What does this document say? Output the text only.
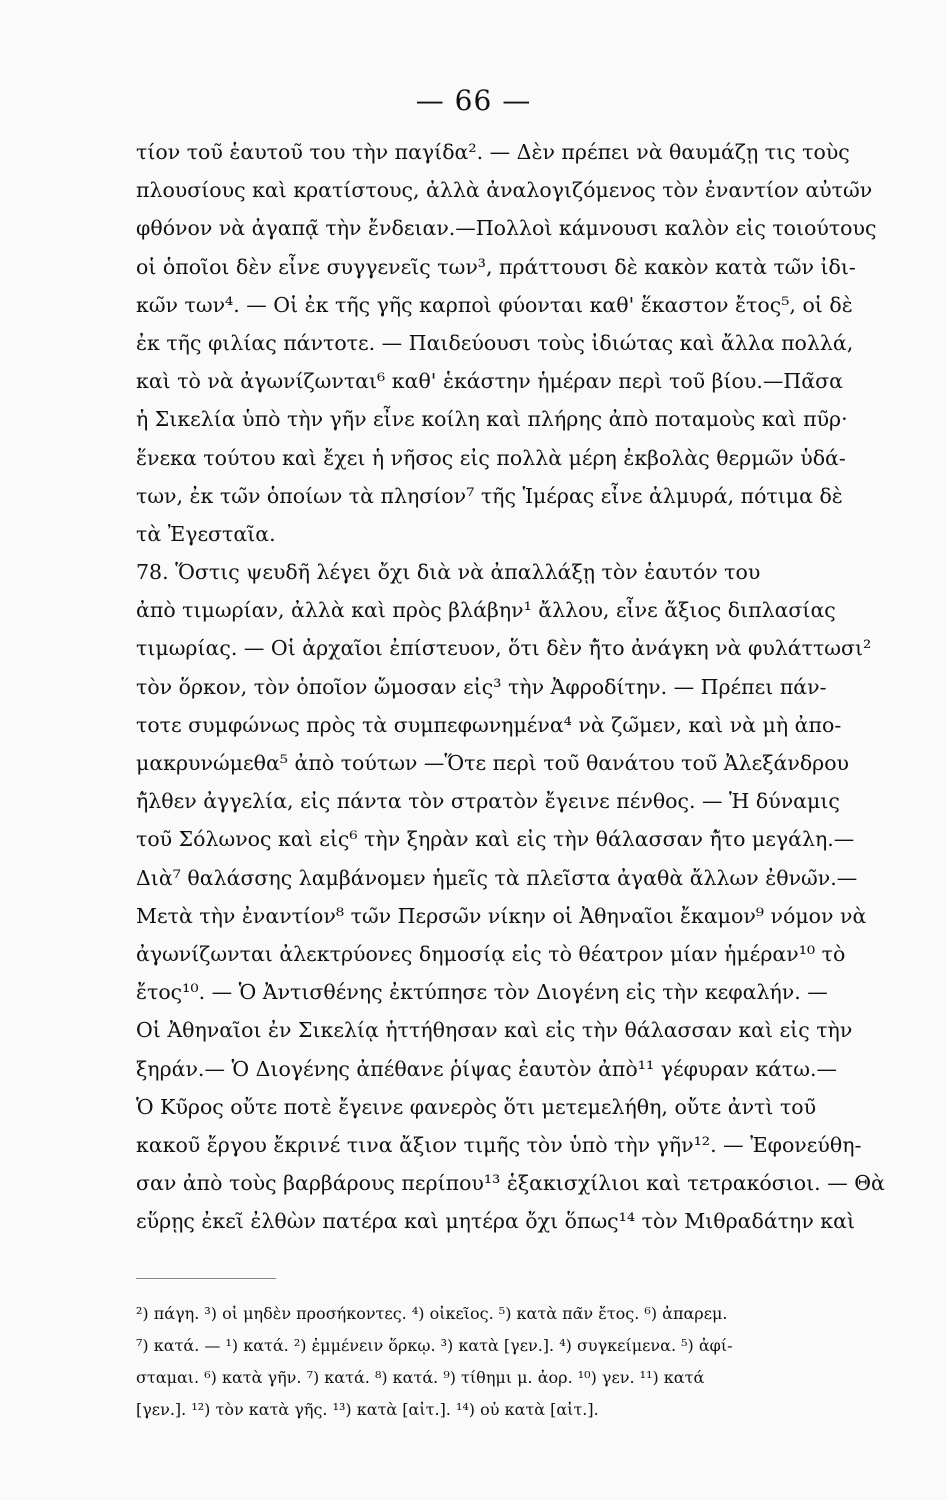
— 66 —
τίον του̃ ἑαυτου̃ του τὴν παγίδα². — Δὲν πρέπει νὰ θαυμάζῃ τις τοὺς
πλουσίους καὶ κρατίστους, ἀλλὰ ἀναλογιζόμενος τὸν ἐναντίον αὐτω̃ν
φθόνον νὰ ἀγαπᾳ̃ τὴν ἔνδειαν.—Πολλοὶ κάμνουσι καλὸν εἰς τοιούτους
οἱ ὁποι̃οι δὲν εἶνε συγγενει̃ς των³, πράττουσι δὲ κακὸν κατὰ τω̃ν ἰδι-
κω̃ν των⁴. — Οἱ ἐκ τη̃ς γη̃ς καρποὶ φύονται καθ' ἕκαστον ἔτος⁵, οἱ δὲ
ἐκ τη̃ς φιλίας πάντοτε. — Παιδεύουσι τοὺς ἰδιώτας καὶ ἄλλα πολλά,
καὶ τὸ νὰ ἀγωνίζωνται⁶ καθ' ἑκάστην ἡμέραν περὶ του̃ βίου.—Πα̃σα
ἡ Σικελία ὑπὸ τὴν γη̃ν εἶνε κοίλη καὶ πλήρης ἀπὸ ποταμοὺς καὶ πυ̃ρ·
ἕνεκα τούτου καὶ ἔχει ἡ νη̃σος εἰς πολλὰ μέρη ἐκβολὰς θερμω̃ν ὑδά-
των, ἐκ τω̃ν ὁποίων τὰ πλησίον⁷ τη̃ς Ἱμέρας εἶνε ἁλμυρά, πότιμα δὲ
τὰ Ἐγεσται̃α.
78. Ὅστις ψευδη̃ λέγει ὄχι διὰ νὰ ἀπαλλάξῃ τὸν ἑαυτόν του
ἀπὸ τιμωρίαν, ἀλλὰ καὶ πρὸς βλάβην¹ ἄλλου, εἶνε ἄξιος διπλασίας
τιμωρίας. — Οἱ ἀρχαι̃οι ἐπίστευον, ὅτι δὲν ἠ̃το ἀνάγκη νὰ φυλάττωσι²
τὸν ὅρκον, τὸν ὁποι̃ον ὤμοσαν εἰς³ τὴν Ἀφροδίτην. — Πρέπει πάν-
τοτε συμφώνως πρὸς τὰ συμπεφωνημένα⁴ νὰ ζω̃μεν, καὶ νὰ μὴ ἀπο-
μακρυνώμεθα⁵ ἀπὸ τούτων —Ὅτε περὶ του̃ θανάτου του̃ Ἀλεξάνδρου
ἠ̃λθεν ἀγγελία, εἰς πάντα τὸν στρατὸν ἔγεινε πένθος. — Ἡ δύναμις
του̃ Σόλωνος καὶ εἰς⁶ τὴν ξηρὰν καὶ εἰς τὴν θάλασσαν ἠ̃το μεγάλη.—
Διὰ⁷ θαλάσσης λαμβάνομεν ἡμει̃ς τὰ πλει̃στα ἀγαθὰ ἄλλων ἐθνω̃ν.—
Μετὰ τὴν ἐναντίον⁸ τω̃ν Περσω̃ν νίκην οἱ Ἀθηναι̃οι ἔκαμον⁹ νόμον νὰ
ἀγωνίζωνται ἀλεκτρύονες δημοσίᾳ εἰς τὸ θέατρον μίαν ἡμέραν¹⁰ τὸ
ἔτος¹⁰. — Ὁ Ἀντισθένης ἐκτύπησε τὸν Διογένη εἰς τὴν κεφαλήν. —
Οἱ Ἀθηναι̃οι ἐν Σικελίᾳ ἡττήθησαν καὶ εἰς τὴν θάλασσαν καὶ εἰς τὴν
ξηράν.— Ὁ Διογένης ἀπέθανε ῥίψας ἑαυτὸν ἀπὸ¹¹ γέφυραν κάτω.—
Ὁ Κυ̃ρος οὔτε ποτὲ ἔγεινε φανερὸς ὅτι μετεμελήθη, οὔτε ἀντὶ του̃
κακου̃ ἔργου ἔκρινέ τινα ἄξιον τιμη̃ς τὸν ὑπὸ τὴν γη̃ν¹². — Ἐφονεύθη-
σαν ἀπὸ τοὺς βαρβάρους περίπου¹³ ἑξακισχίλιοι καὶ τετρακόσιοι. — Θὰ
εὕρῃς ἐκει̃ ἐλθὼν πατέρα καὶ μητέρα ὄχι ὅπως¹⁴ τὸν Μιθραδάτην καὶ
²) πάγη. ³) οἱ μηδὲν προσήκοντες. ⁴) οἰκει̃ος. ⁵) κατὰ πα̃ν ἔτος. ⁶) ἀπαρεμ.
⁷) κατά. — ¹) κατά. ²) ἐμμένειν ὅρκῳ. ³) κατὰ [γεν.]. ⁴) συγκείμενα. ⁵) ἀφί-
σταμαι. ⁶) κατὰ γη̃ν. ⁷) κατά. ⁸) κατά. ⁹) τίθημι μ. ἀορ. ¹⁰) γεν. ¹¹) κατά
[γεν.]. ¹²) τὸν κατὰ γη̃ς. ¹³) κατὰ [αἰτ.]. ¹⁴) οὐ κατὰ [αἰτ.].
